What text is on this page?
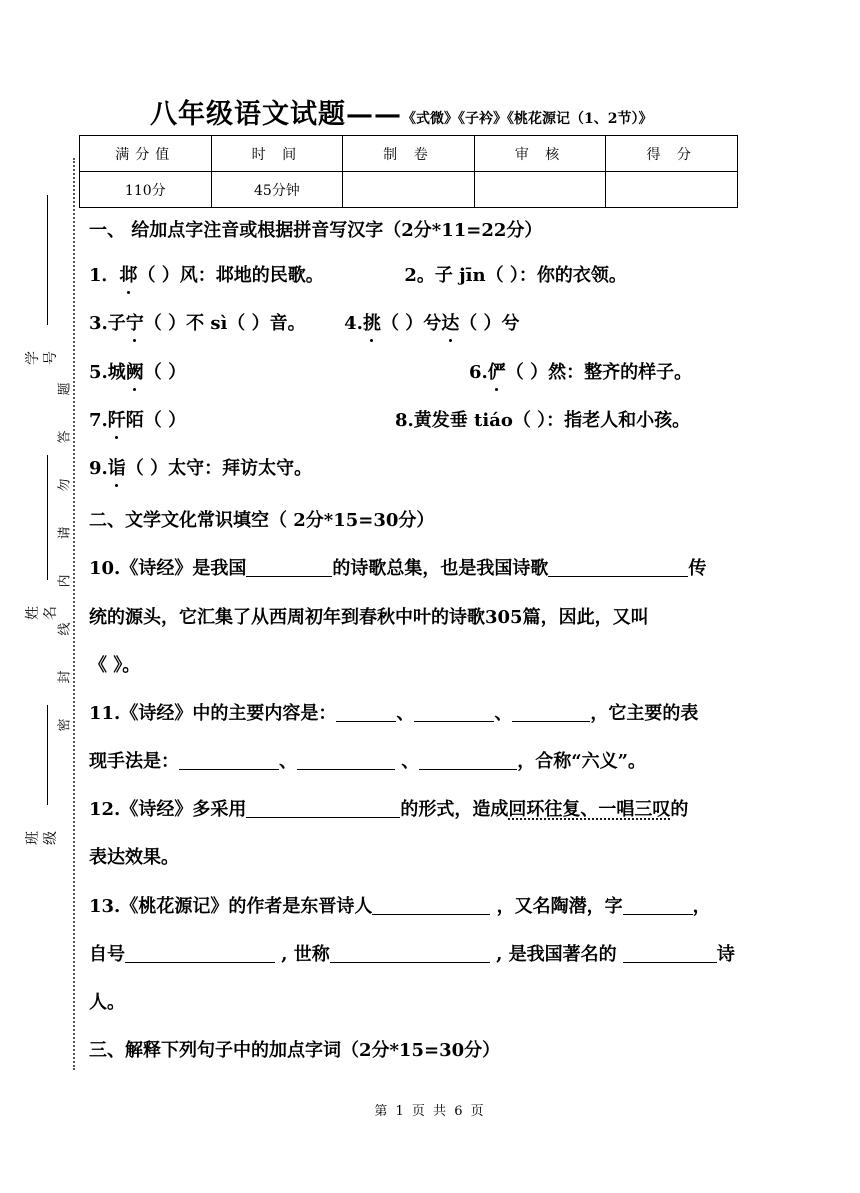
八年级语文试题——《式微》《子衿》《桃花源记（1、2节）》
满分值	时 间	制 卷	审 核	得 分
110分	45分钟			
学号
姓名
班级
密
封
线
内
请
勿
答
题
一、 给加点字注音或根据拼音写汉字（2分*11=22分）
1．邶（ ）风：邶地的民歌。	2。子 jīn（ ）：你的衣领。
3.子宁（ ）不 sì（ ）音。 4.挑（ ）兮达（ ）兮
5.城阙（ ）	6.俨（ ）然：整齐的样子。
7.阡陌（ ）	8.黄发垂 tiáo（ ）：指老人和小孩。
9.诣（ ）太守：拜访太守。
二、文学文化常识填空（ 2分*15=30分）
10.《诗经》是我国	的诗歌总集，也是我国诗歌	传
统的源头，它汇集了从西周初年到春秋中叶的诗歌305篇，因此，又叫
《 》。
11.《诗经》中的主要内容是：	、	、	，它主要的表
现手法是：	、	、	，合称“六义”。
12.《诗经》多采用	的形式，造成回环往复、一唱三叹的
表达效果。
13.《桃花源记》的作者是东晋诗人	，又名陶潜，字	，
自号	, 世称	, 是我国著名的	诗
人。
三、解释下列句子中的加点字词（2分*15=30分）
第 1 页 共 6 页
